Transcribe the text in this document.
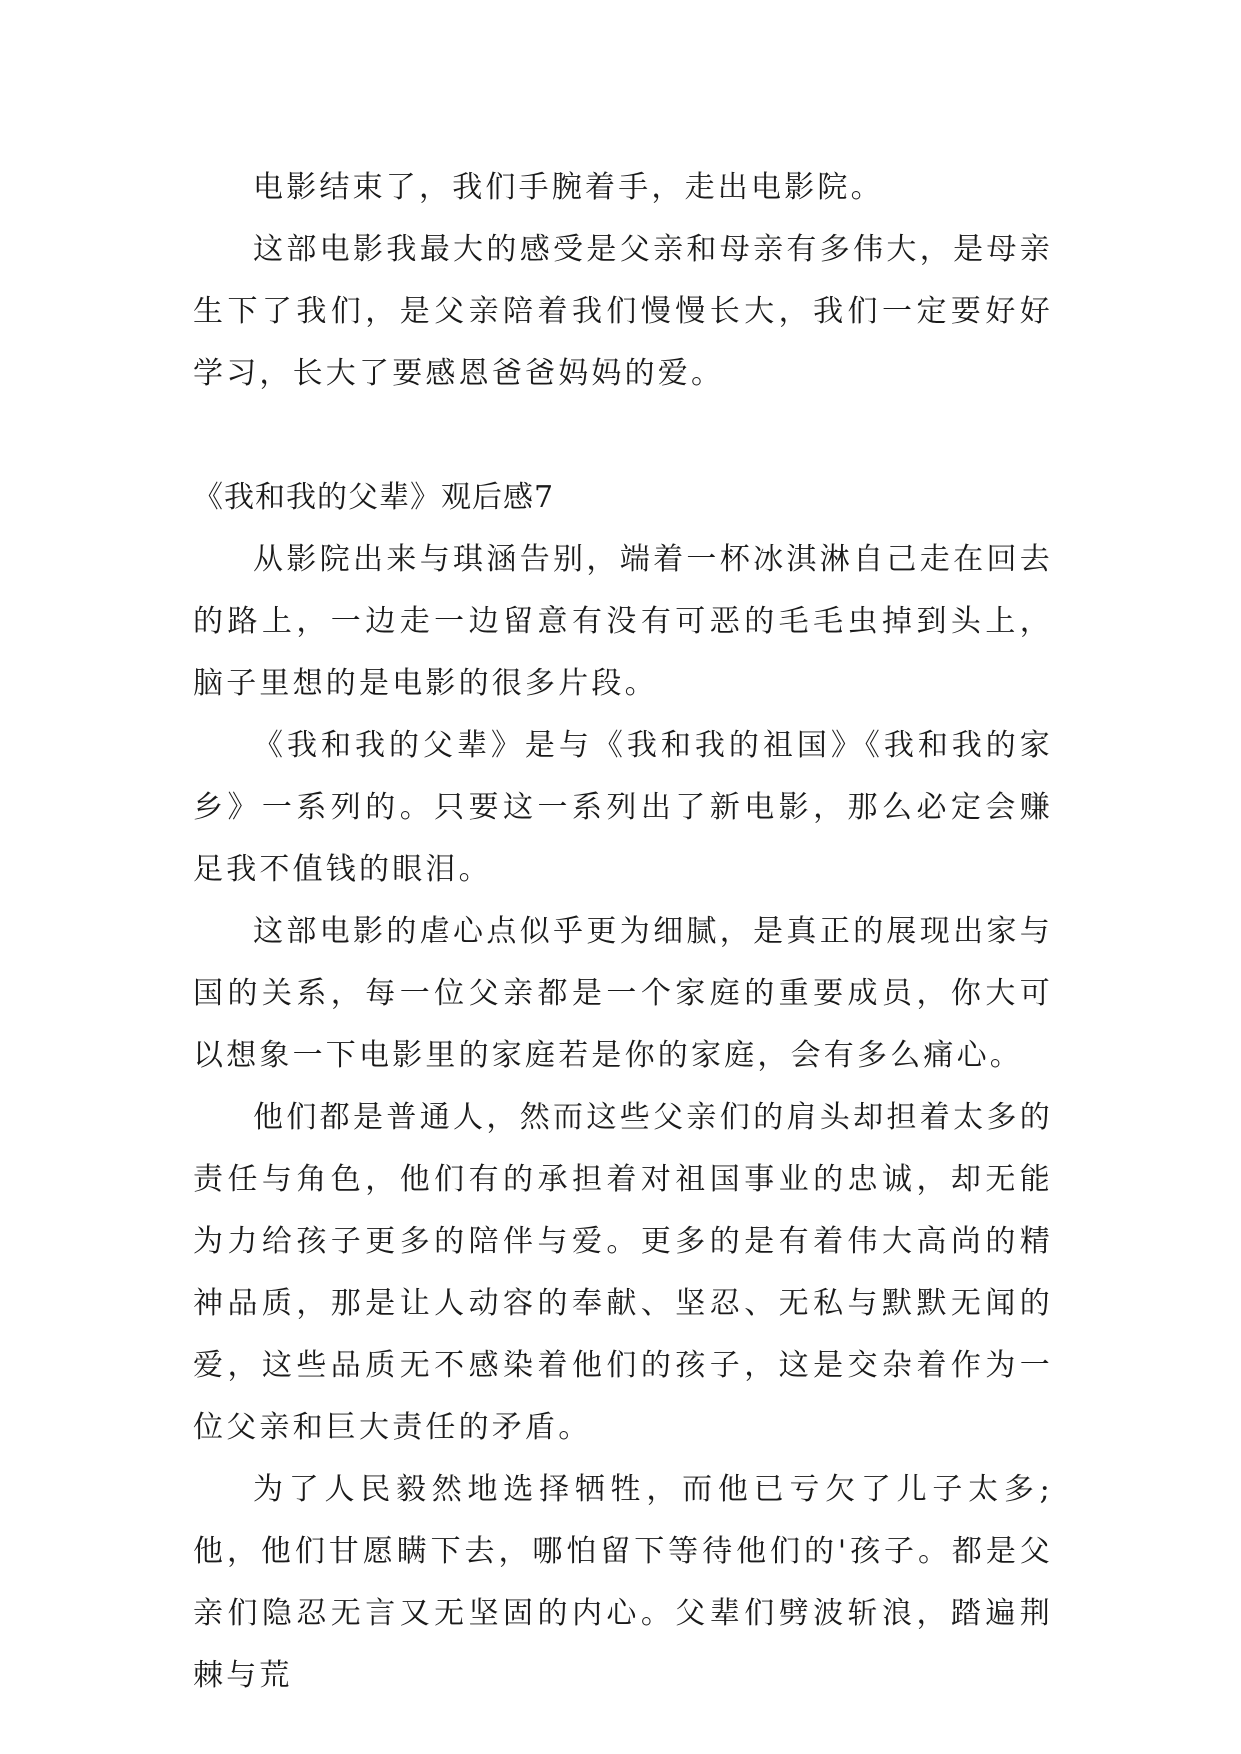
电影结束了，我们手腕着手，走出电影院。

这部电影我最大的感受是父亲和母亲有多伟大，是母亲生下了我们，是父亲陪着我们慢慢长大，我们一定要好好学习，长大了要感恩爸爸妈妈的爱。

《我和我的父辈》观后感7

从影院出来与琪涵告别，端着一杯冰淇淋自己走在回去的路上，一边走一边留意有没有可恶的毛毛虫掉到头上，脑子里想的是电影的很多片段。

《我和我的父辈》是与《我和我的祖国》《我和我的家乡》一系列的。只要这一系列出了新电影，那么必定会赚足我不值钱的眼泪。

这部电影的虐心点似乎更为细腻，是真正的展现出家与国的关系，每一位父亲都是一个家庭的重要成员，你大可以想象一下电影里的家庭若是你的家庭，会有多么痛心。

他们都是普通人，然而这些父亲们的肩头却担着太多的责任与角色，他们有的承担着对祖国事业的忠诚，却无能为力给孩子更多的陪伴与爱。更多的是有着伟大高尚的精神品质，那是让人动容的奉献、坚忍、无私与默默无闻的爱，这些品质无不感染着他们的孩子，这是交杂着作为一位父亲和巨大责任的矛盾。

为了人民毅然地选择牺牲，而他已亏欠了儿子太多;他，他们甘愿瞒下去，哪怕留下等待他们的'孩子。都是父亲们隐忍无言又无坚固的内心。父辈们劈波斩浪，踏遍荆棘与荒
